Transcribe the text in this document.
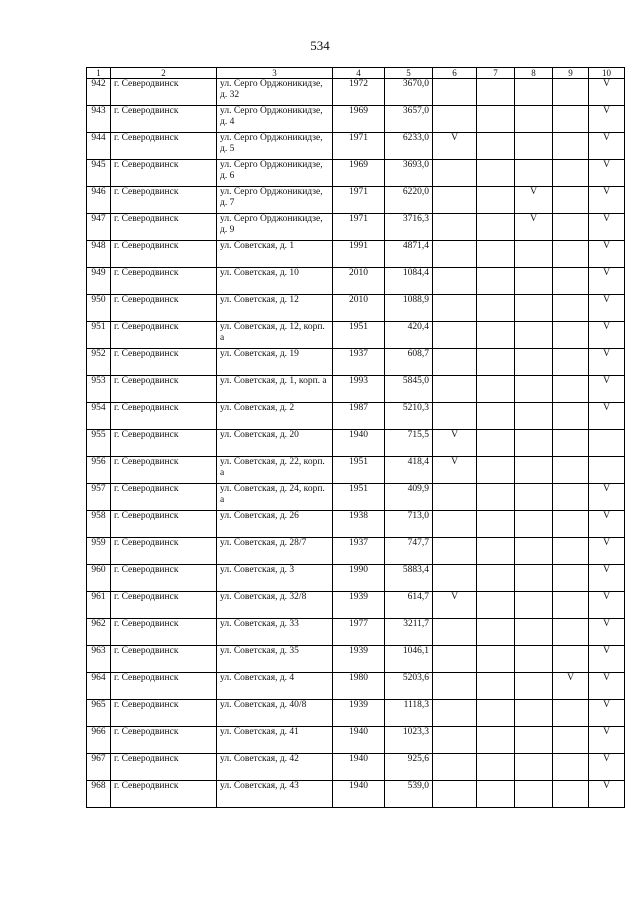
534
1	2	3	4	5	6	7	8	9	10
942	г. Северодвинск	ул. Серго Орджоникидзе, д. 32	1972	3670,0					V
943	г. Северодвинск	ул. Серго Орджоникидзе, д. 4	1969	3657,0					V
944	г. Северодвинск	ул. Серго Орджоникидзе, д. 5	1971	6233,0	V				V
945	г. Северодвинск	ул. Серго Орджоникидзе, д. 6	1969	3693,0					V
946	г. Северодвинск	ул. Серго Орджоникидзе, д. 7	1971	6220,0			V		V
947	г. Северодвинск	ул. Серго Орджоникидзе, д. 9	1971	3716,3			V		V
948	г. Северодвинск	ул. Советская, д. 1	1991	4871,4					V
949	г. Северодвинск	ул. Советская, д. 10	2010	1084,4					V
950	г. Северодвинск	ул. Советская, д. 12	2010	1088,9					V
951	г. Северодвинск	ул. Советская, д. 12, корп. а	1951	420,4					V
952	г. Северодвинск	ул. Советская, д. 19	1937	608,7					V
953	г. Северодвинск	ул. Советская, д. 1, корп. а	1993	5845,0					V
954	г. Северодвинск	ул. Советская, д. 2	1987	5210,3					V
955	г. Северодвинск	ул. Советская, д. 20	1940	715,5	V				
956	г. Северодвинск	ул. Советская, д. 22, корп. а	1951	418,4	V				
957	г. Северодвинск	ул. Советская, д. 24, корп. а	1951	409,9					V
958	г. Северодвинск	ул. Советская, д. 26	1938	713,0					V
959	г. Северодвинск	ул. Советская, д. 28/7	1937	747,7					V
960	г. Северодвинск	ул. Советская, д. 3	1990	5883,4					V
961	г. Северодвинск	ул. Советская, д. 32/8	1939	614,7	V				V
962	г. Северодвинск	ул. Советская, д. 33	1977	3211,7					V
963	г. Северодвинск	ул. Советская, д. 35	1939	1046,1					V
964	г. Северодвинск	ул. Советская, д. 4	1980	5203,6				V	V
965	г. Северодвинск	ул. Советская, д. 40/8	1939	1118,3					V
966	г. Северодвинск	ул. Советская, д. 41	1940	1023,3					V
967	г. Северодвинск	ул. Советская, д. 42	1940	925,6					V
968	г. Северодвинск	ул. Советская, д. 43	1940	539,0					V
